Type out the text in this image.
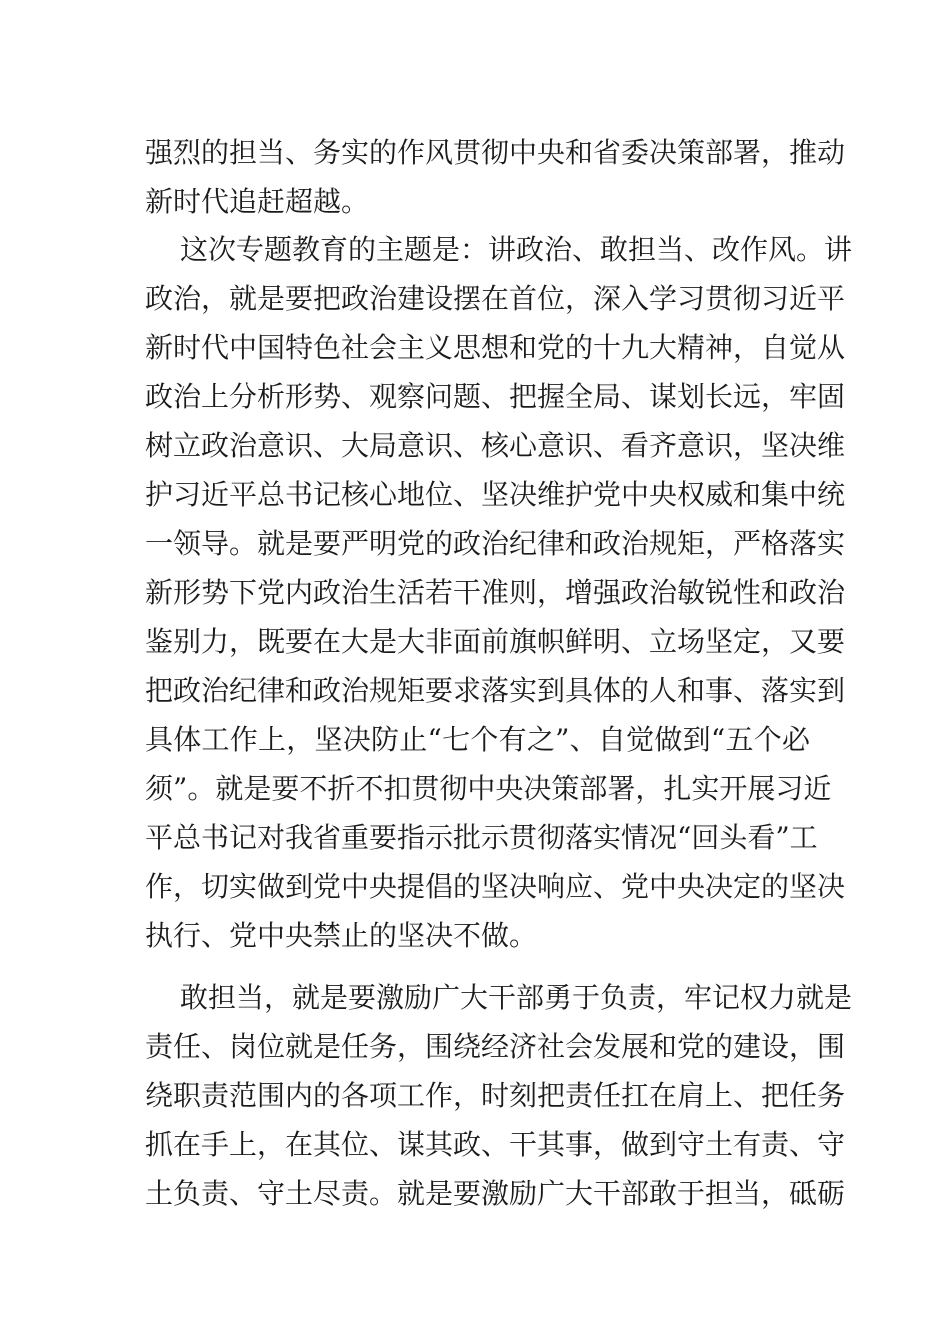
强烈的担当、务实的作风贯彻中央和省委决策部署，推动
新时代追赶超越。
这次专题教育的主题是：讲政治、敢担当、改作风。讲
政治，就是要把政治建设摆在首位，深入学习贯彻习近平
新时代中国特色社会主义思想和党的十九大精神，自觉从
政治上分析形势、观察问题、把握全局、谋划长远，牢固
树立政治意识、大局意识、核心意识、看齐意识，坚决维
护习近平总书记核心地位、坚决维护党中央权威和集中统
一领导。就是要严明党的政治纪律和政治规矩，严格落实
新形势下党内政治生活若干准则，增强政治敏锐性和政治
鉴别力，既要在大是大非面前旗帜鲜明、立场坚定，又要
把政治纪律和政治规矩要求落实到具体的人和事、落实到
具体工作上，坚决防止“七个有之”、自觉做到“五个必
须”。就是要不折不扣贯彻中央决策部署，扎实开展习近
平总书记对我省重要指示批示贯彻落实情况“回头看”工
作，切实做到党中央提倡的坚决响应、党中央决定的坚决
执行、党中央禁止的坚决不做。
敢担当，就是要激励广大干部勇于负责，牢记权力就是
责任、岗位就是任务，围绕经济社会发展和党的建设，围
绕职责范围内的各项工作，时刻把责任扛在肩上、把任务
抓在手上，在其位、谋其政、干其事，做到守土有责、守
土负责、守土尽责。就是要激励广大干部敢于担当，砥砺
